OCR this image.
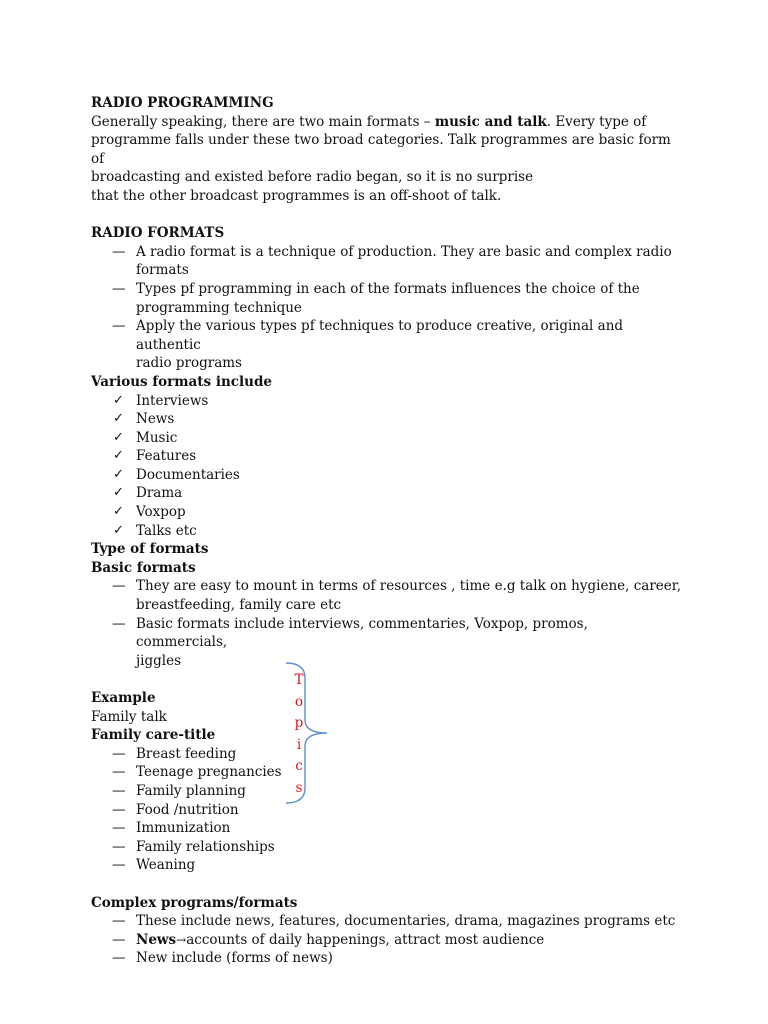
RADIO PROGRAMMING

Generally speaking, there are two main formats – music and talk. Every type of

programme falls under these two broad categories. Talk programmes are basic form of

broadcasting and existed before radio began, so it is no surprise

that the other broadcast programmes is an off-shoot of talk.

RADIO FORMATS

— A radio format is a technique of production. They are basic and complex radio
formats
— Types pf programming in each of the formats influences the choice of the
programming technique
— Apply the various types pf techniques to produce creative, original and authentic
radio programs

Various formats include

✓ Interviews
✓ News
✓ Music
✓ Features
✓ Documentaries
✓ Drama
✓ Voxpop
✓ Talks etc

Type of formats

Basic formats

— They are easy to mount in terms of resources , time e.g talk on hygiene, career,
breastfeeding, family care etc
— Basic formats include interviews, commentaries, Voxpop, promos, commercials,
jiggles

Example

Family talk

Family care-title

— Breast feeding
— Teenage pregnancies
— Family planning
— Food /nutrition
— Immunization
— Family relationships
— Weaning

Complex programs/formats

— These include news, features, documentaries, drama, magazines programs etc
— News→accounts of daily happenings, attract most audience
— New include (forms of news)
T
o
p
i
c
s
